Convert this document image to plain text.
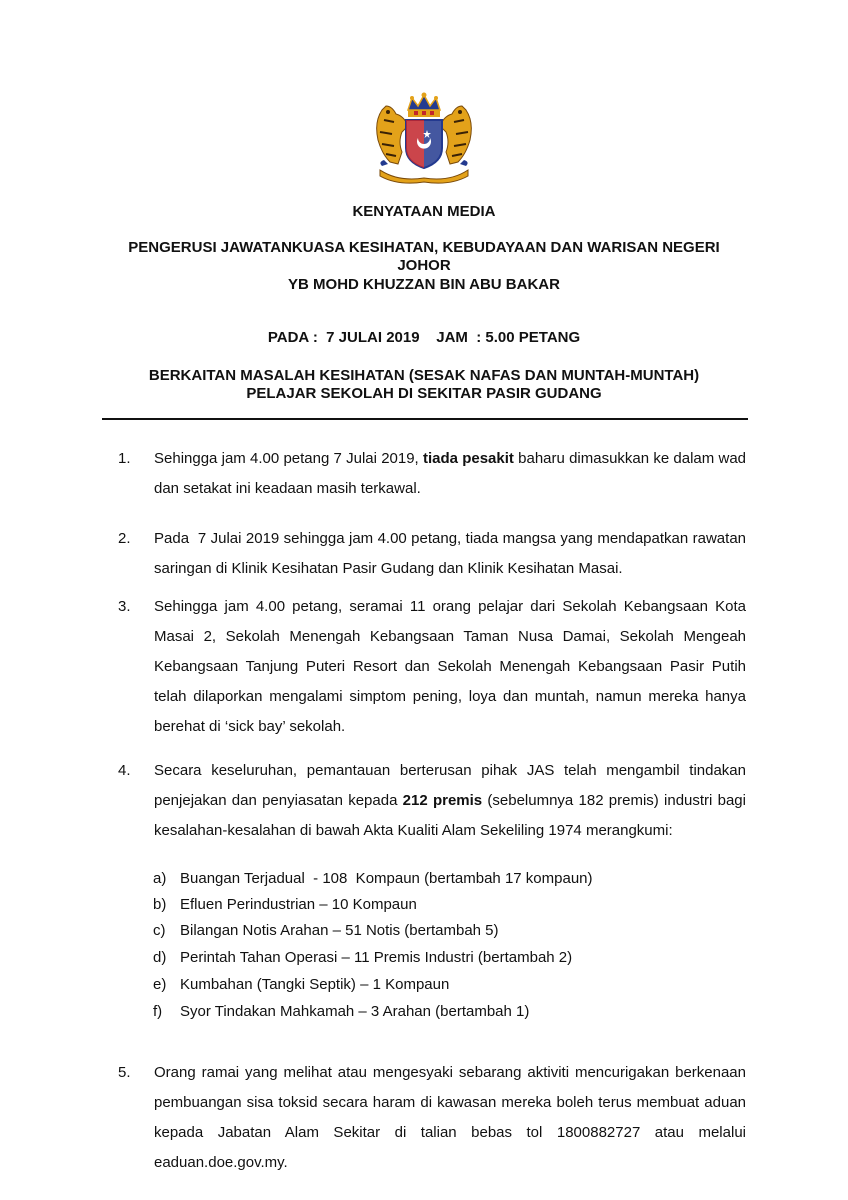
KENYATAAN MEDIA

PENGERUSI JAWATANKUASA KESIHATAN, KEBUDAYAAN DAN WARISAN NEGERI

JOHOR

YB MOHD KHUZZAN BIN ABU BAKAR

PADA :  7 JULAI 2019    JAM  : 5.00 PETANG

BERKAITAN MASALAH KESIHATAN (SESAK NAFAS DAN MUNTAH-MUNTAH)

PELAJAR SEKOLAH DI SEKITAR PASIR GUDANG

1.	Sehingga jam 4.00 petang 7 Julai 2019, tiada pesakit baharu dimasukkan ke dalam wad dan setakat ini keadaan masih terkawal.
2.	Pada  7 Julai 2019 sehingga jam 4.00 petang, tiada mangsa yang mendapatkan rawatan saringan di Klinik Kesihatan Pasir Gudang dan Klinik Kesihatan Masai.
3.	Sehingga jam 4.00 petang, seramai 11 orang pelajar dari Sekolah Kebangsaan Kota Masai 2, Sekolah Menengah Kebangsaan Taman Nusa Damai, Sekolah Mengeah Kebangsaan Tanjung Puteri Resort dan Sekolah Menengah Kebangsaan Pasir Putih telah dilaporkan mengalami simptom pening, loya dan muntah, namun mereka hanya berehat di ‘sick bay’ sekolah.
4.	Secara keseluruhan, pemantauan berterusan pihak JAS telah mengambil tindakan penjejakan dan penyiasatan kepada 212 premis (sebelumnya 182 premis) industri bagi kesalahan-kesalahan di bawah Akta Kualiti Alam Sekeliling 1974 merangkumi:
a) Buangan Terjadual  - 108  Kompaun (bertambah 17 kompaun)
b) Efluen Perindustrian – 10 Kompaun
c) Bilangan Notis Arahan – 51 Notis (bertambah 5)
d) Perintah Tahan Operasi – 11 Premis Industri (bertambah 2)
e) Kumbahan (Tangki Septik) – 1 Kompaun
f)	Syor Tindakan Mahkamah – 3 Arahan (bertambah 1)
5.	Orang ramai yang melihat atau mengesyaki sebarang aktiviti mencurigakan berkenaan pembuangan sisa toksid secara haram di kawasan mereka boleh terus membuat aduan kepada Jabatan Alam Sekitar di talian bebas tol 1800882727 atau melalui eaduan.doe.gov.my.
